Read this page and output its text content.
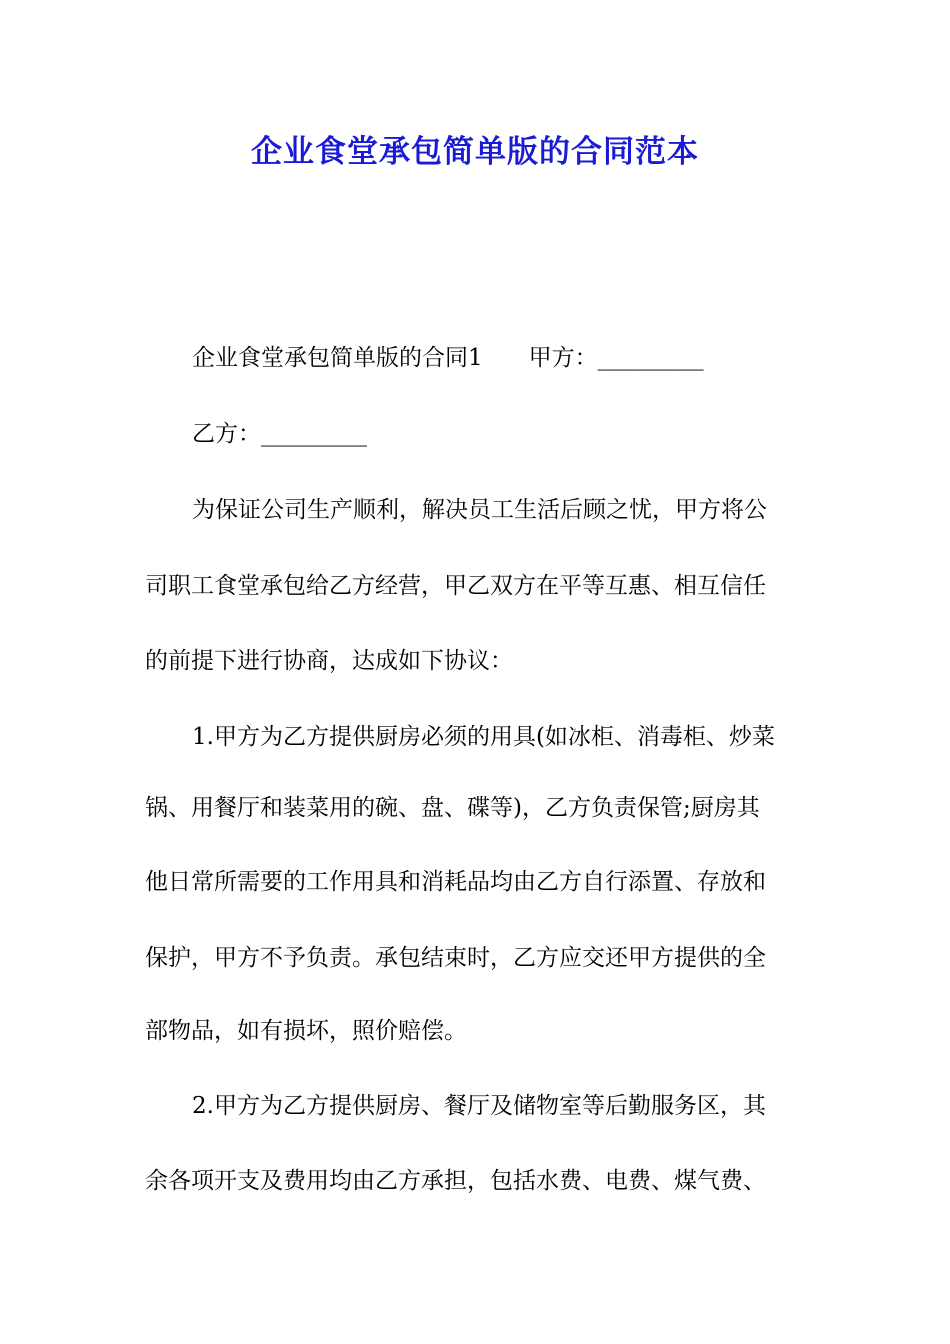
企业食堂承包简单版的合同范本
企业食堂承包简单版的合同1 甲方：__________
乙方：__________
为保证公司生产顺利，解决员工生活后顾之忧，甲方将公
司职工食堂承包给乙方经营，甲乙双方在平等互惠、相互信任
的前提下进行协商，达成如下协议：
1.甲方为乙方提供厨房必须的用具(如冰柜、消毒柜、炒菜
锅、用餐厅和装菜用的碗、盘、碟等)，乙方负责保管;厨房其
他日常所需要的工作用具和消耗品均由乙方自行添置、存放和
保护，甲方不予负责。承包结束时，乙方应交还甲方提供的全
部物品，如有损坏，照价赔偿。
2.甲方为乙方提供厨房、餐厅及储物室等后勤服务区，其
余各项开支及费用均由乙方承担，包括水费、电费、煤气费、
